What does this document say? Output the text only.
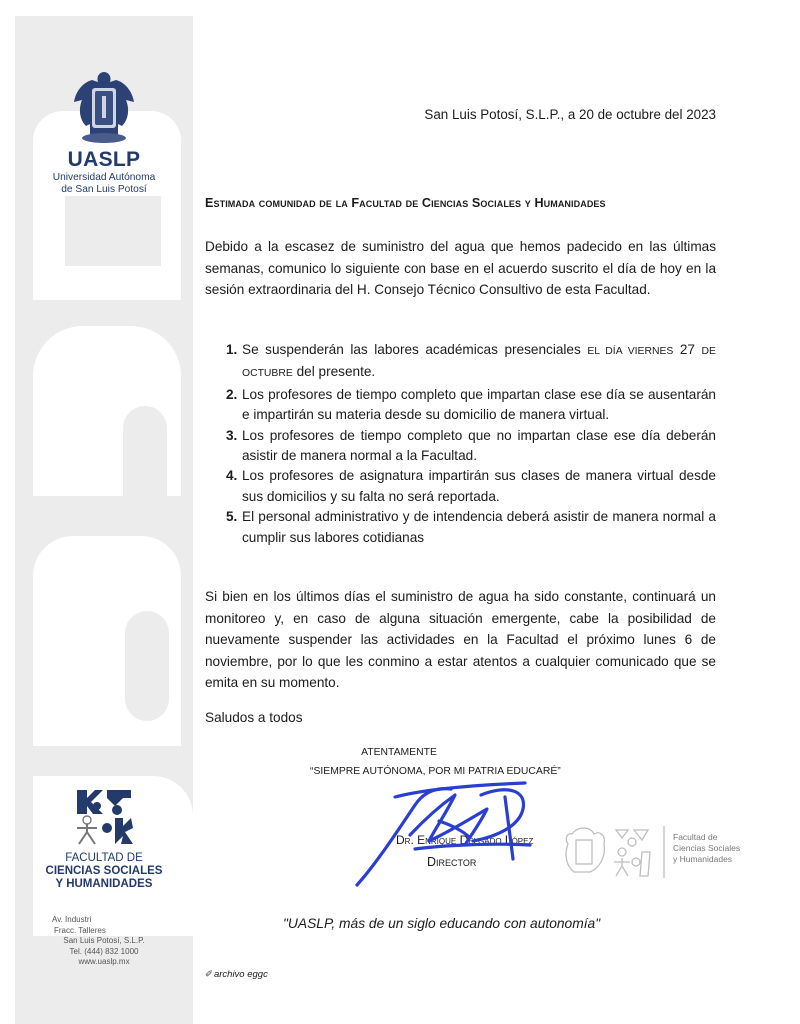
UASLP
Universidad Autónoma
de San Luis Potosí
FACULTAD DE
CIENCIAS SOCIALES
Y HUMANIDADES
Av. Industri
Fracc. Talleres
San Luis Potosí, S.L.P.
Tel. (444) 832 1000
www.uaslp.mx
San Luis Potosí, S.L.P., a 20 de octubre del 2023
Estimada comunidad de la Facultad de Ciencias Sociales y Humanidades
Debido a la escasez de suministro del agua que hemos padecido en las últimas semanas, comunico lo siguiente con base en el acuerdo suscrito el día de hoy en la sesión extraordinaria del H. Consejo Técnico Consultivo de esta Facultad.
1. Se suspenderán las labores académicas presenciales EL DÍA VIERNES 27 DE OCTUBRE del presente.
2. Los profesores de tiempo completo que impartan clase ese día se ausentarán e impartirán su materia desde su domicilio de manera virtual.
3. Los profesores de tiempo completo que no impartan clase ese día deberán asistir de manera normal a la Facultad.
4. Los profesores de asignatura impartirán sus clases de manera virtual desde sus domicilios y su falta no será reportada.
5. El personal administrativo y de intendencia deberá asistir de manera normal a cumplir sus labores cotidianas
Si bien en los últimos días el suministro de agua ha sido constante, continuará un monitoreo y, en caso de alguna situación emergente, cabe la posibilidad de nuevamente suspender las actividades en la Facultad el próximo lunes 6 de noviembre, por lo que les conmino a estar atentos a cualquier comunicado que se emita en su momento.
Saludos a todos
ATENTAMENTE
“SIEMPRE AUTÓNOMA, POR MI PATRIA EDUCARÉ”
Dr. Enrique Delgado López
Director
Facultad de
Ciencias Sociales
y Humanidades
"UASLP, más de un siglo educando con autonomía"
✐archivo eggc
